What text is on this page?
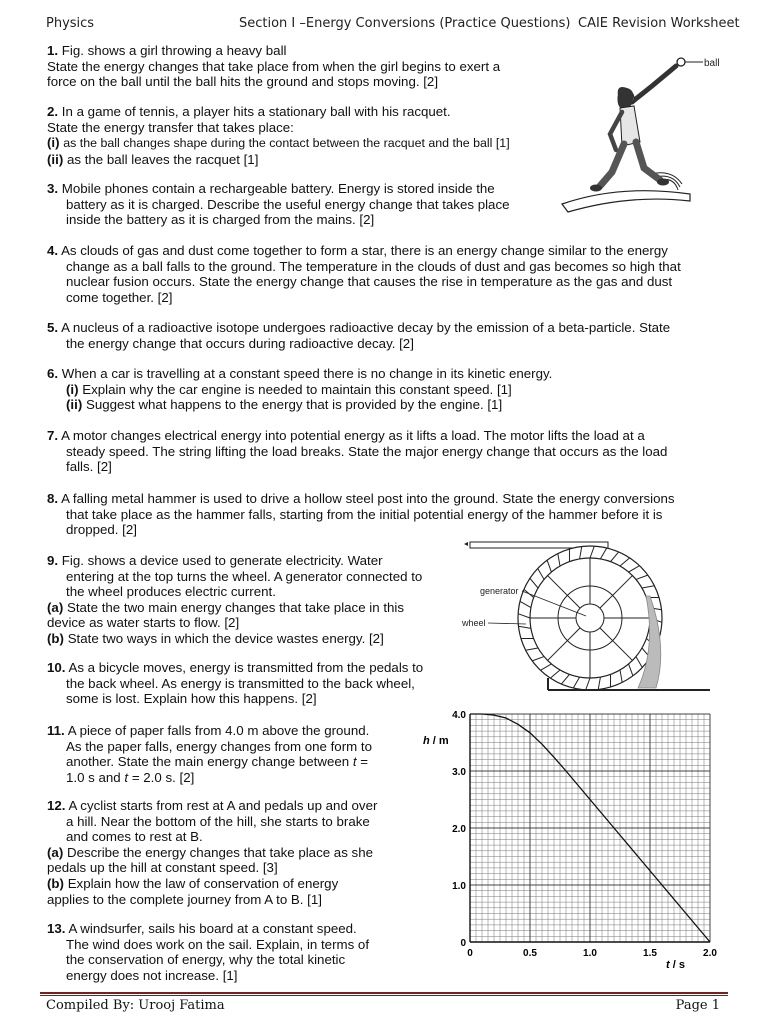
Physics	Section I –Energy Conversions (Practice Questions) CAIE Revision Worksheet
1. Fig. shows a girl throwing a heavy ball
State the energy changes that take place from when the girl begins to exert a
force on the ball until the ball hits the ground and stops moving. [2]
2. In a game of tennis, a player hits a stationary ball with his racquet.
State the energy transfer that takes place:
(i) as the ball changes shape during the contact between the racquet and the ball [1]
(ii) as the ball leaves the racquet [1]
3. Mobile phones contain a rechargeable battery. Energy is stored inside the
battery as it is charged. Describe the useful energy change that takes place
inside the battery as it is charged from the mains. [2]
4. As clouds of gas and dust come together to form a star, there is an energy change similar to the energy
change as a ball falls to the ground. The temperature in the clouds of dust and gas becomes so high that
nuclear fusion occurs. State the energy change that causes the rise in temperature as the gas and dust
come together. [2]
5. A nucleus of a radioactive isotope undergoes radioactive decay by the emission of a beta-particle. State
the energy change that occurs during radioactive decay. [2]
6. When a car is travelling at a constant speed there is no change in its kinetic energy.
(i) Explain why the car engine is needed to maintain this constant speed. [1]
(ii) Suggest what happens to the energy that is provided by the engine. [1]
7. A motor changes electrical energy into potential energy as it lifts a load. The motor lifts the load at a
steady speed. The string lifting the load breaks. State the major energy change that occurs as the load
falls. [2]
8. A falling metal hammer is used to drive a hollow steel post into the ground. State the energy conversions
that take place as the hammer falls, starting from the initial potential energy of the hammer before it is
dropped. [2]
9. Fig. shows a device used to generate electricity. Water
entering at the top turns the wheel. A generator connected to
the wheel produces electric current.
(a) State the two main energy changes that take place in this
device as water starts to flow. [2]
(b) State two ways in which the device wastes energy. [2]
10. As a bicycle moves, energy is transmitted from the pedals to
the back wheel. As energy is transmitted to the back wheel,
some is lost. Explain how this happens. [2]
11. A piece of paper falls from 4.0 m above the ground.
As the paper falls, energy changes from one form to
another. State the main energy change between t =
1.0 s and t = 2.0 s. [2]
12. A cyclist starts from rest at A and pedals up and over
a hill. Near the bottom of the hill, she starts to brake
and comes to rest at B.
(a) Describe the energy changes that take place as she
pedals up the hill at constant speed. [3]
(b) Explain how the law of conservation of energy
applies to the complete journey from A to B. [1]
13. A windsurfer, sails his board at a constant speed.
The wind does work on the sail. Explain, in terms of
the conservation of energy, why the total kinetic
energy does not increase. [1]
ball
generator
wheel
0	0.5	1.0	1.5	2.0
0
1.0
2.0
3.0
4.0
h / m
t / s
Compiled By: Urooj Fatima	Page 1
